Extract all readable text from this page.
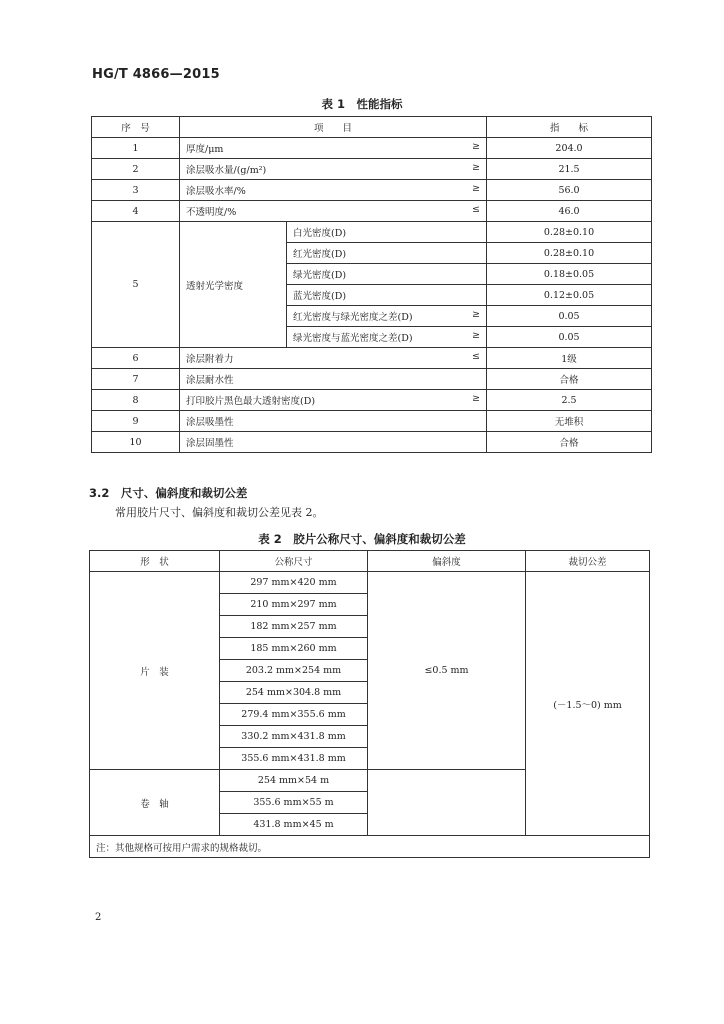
HG/T 4866—2015
表 1　性能指标
序　号	项　　目		指　　标
1	厚度/μm ≥		204.0
2	涂层吸水量/(g/m²) ≥		21.5
3	涂层吸水率/% ≥		56.0
4	不透明度/% ≤		46.0
5	透射光学密度	白光密度(D)	0.28±0.10
		红光密度(D)	0.28±0.10
		绿光密度(D)	0.18±0.05
		蓝光密度(D)	0.12±0.05
		红光密度与绿光密度之差(D) ≥	0.05
		绿光密度与蓝光密度之差(D) ≥	0.05
6	涂层附着力 ≤		1级
7	涂层耐水性		合格
8	打印胶片黑色最大透射密度(D) ≥		2.5
9	涂层吸墨性		无堆积
10	涂层固墨性		合格
3.2　尺寸、偏斜度和裁切公差
常用胶片尺寸、偏斜度和裁切公差见表 2。
表 2　胶片公称尺寸、偏斜度和裁切公差
形　状	公称尺寸	偏斜度	裁切公差
片　装	297 mm×420 mm	≤0.5 mm	(－1.5～0) mm
	210 mm×297 mm		
	182 mm×257 mm		
	185 mm×260 mm		
	203.2 mm×254 mm		
	254 mm×304.8 mm		
	279.4 mm×355.6 mm		
	330.2 mm×431.8 mm		
	355.6 mm×431.8 mm		
卷　轴	254 mm×54 m		
	355.6 mm×55 m		
	431.8 mm×45 m		
注：其他规格可按用户需求的规格裁切。			
2
